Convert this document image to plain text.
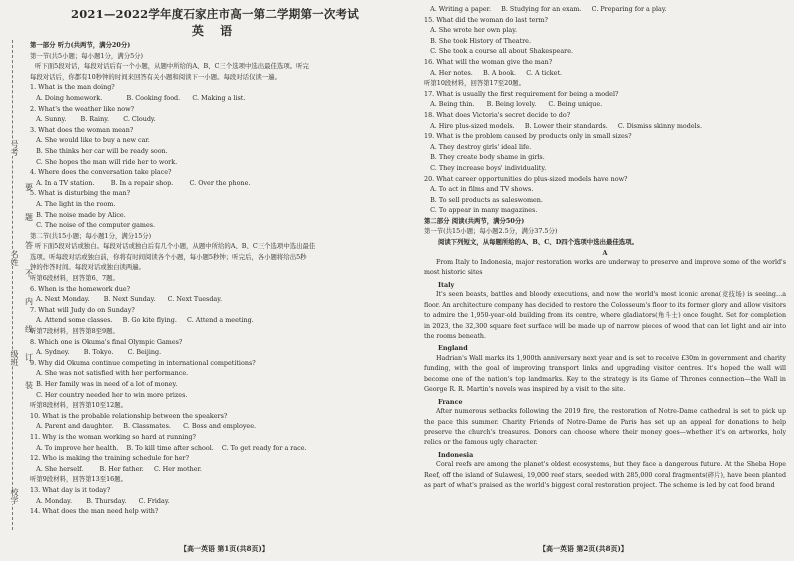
号考
名姓
级班
校学
要
题
答
不
内
线
订
装
2021—2022学年度石家庄市高一第二学期第一次考试
英 语
第一部分 听力(共两节，满分20分)
第一节(共5小题；每小题1分，满分5分)
听下面5段对话，每段对话后有一个小题，从题中所给的A、B、C三个选项中选出最佳选项。听完
每段对话后，你都有10秒钟的时间来回答有关小题和阅读下一小题。每段对话仅读一遍。
1. What is the man doing?
A. Doing homework.            B. Cooking food.      C. Making a list.
2. What's the weather like now?
A. Sunny.       B. Rainy.       C. Cloudy.
3. What does the woman mean?
A. She would like to buy a new car.
B. She thinks her car will be ready soon.
C. She hopes the man will ride her to work.
4. Where does the conversation take place?
A. In a TV station.        B. In a repair shop.        C. Over the phone.
5. What is disturbing the man?
A. The light in the room.
B. The noise made by Alice.
C. The noise of the computer games.
第二节(共15小题；每小题1分，满分15分)
听下面5段对话或独白。每段对话或独白后有几个小题，从题中所给的A、B、C三个选项中选出最佳
选项。听每段对话或独白前，你将有时间阅读各个小题，每小题5秒钟；听完后，各小题将给出5秒
钟的作答时间。每段对话或独白读两遍。
听第6段材料，回答第6、7题。
6. When is the homework due?
A. Next Monday.       B. Next Sunday.      C. Next Tuesday.
7. What will Judy do on Sunday?
A. Attend some classes.     B. Go kite flying.     C. Attend a meeting.
听第7段材料，回答第8至9题。
8. Which one is Okuma's final Olympic Games?
A. Sydney.       B. Tokyo.       C. Beijing.
9. Why did Okuma continue competing in international competitions?
A. She was not satisfied with her performance.
B. Her family was in need of a lot of money.
C. Her country needed her to win more prizes.
听第8段材料，回答第10至12题。
10. What is the probable relationship between the speakers?
A. Parent and daughter.     B. Classmates.      C. Boss and employee.
11. Why is the woman working so hard at running?
A. To improve her health.    B. To kill time after school.    C. To get ready for a race.
12. Who is making the training schedule for her?
A. She herself.        B. Her father.     C. Her mother.
听第9段材料，回答第13至16题。
13. What day is it today?
A. Monday.       B. Thursday.      C. Friday.
14. What does the man need help with?
【高一英语 第1页(共8页)】
A. Writing a paper.     B. Studying for an exam.     C. Preparing for a play.
15. What did the woman do last term?
A. She wrote her own play.
B. She took History of Theatre.
C. She took a course all about Shakespeare.
16. What will the woman give the man?
A. Her notes.     B. A book.     C. A ticket.
听第10段材料，回答第17至20题。
17. What is usually the first requirement for being a model?
A. Being thin.      B. Being lovely.      C. Being unique.
18. What does Victoria's secret decide to do?
A. Hire plus-sized models.     B. Lower their standards.     C. Dismiss skinny models.
19. What is the problem caused by products only in small sizes?
A. They destroy girls' ideal life.
B. They create body shame in girls.
C. They increase boys' individuality.
20. What career opportunities do plus-sized models have now?
A. To act in films and TV shows.
B. To sell products as saleswomen.
C. To appear in many magazines.
第二部分 阅读(共两节，满分50分)
第一节(共15小题；每小题2.5分，满分37.5分)
阅读下列短文，从每题所给的A、B、C、D四个选项中选出最佳选项。
A
From Italy to Indonesia, major restoration works are underway to preserve and improve some of the world's most historic sites
Italy
It's seen beasts, battles and bloody executions, and now the world's most iconic arena(竞技场) is seeing…a floor. An architecture company has decided to restore the Colosseum's floor to its former glory and allow visitors to admire the 1,950-year-old building from its centre, where gladiators(角斗士) once fought. Set for completion in 2023, the 32,300 square feet surface will be made up of narrow pieces of wood that can let light and air into the rooms beneath.
England
Hadrian's Wall marks its 1,900th anniversary next year and is set to receive £30m in government and charity funding, with the goal of improving transport links and upgrading visitor centres. It's hoped the wall will become one of the nation's top landmarks. Key to the strategy is its Game of Thrones connection—the Wall in George R. R. Martin's novels was inspired by a visit to the site.
France
After numerous setbacks following the 2019 fire, the restoration of Notre-Dame cathedral is set to pick up the pace this summer. Charity Friends of Notre-Dame de Paris has set up an appeal for donations to help preserve the church's treasures. Donors can choose where their money goes—whether it's on artworks, holy relics or the famous ugly character.
Indonesia
Coral reefs are among the planet's oldest ecosystems, but they face a dangerous future. At the Sheba Hope Reef, off the island of Sulawesi, 19,000 reef stars, seeded with 285,000 coral fragments(碎片), have been planted as part of what's praised as the world's biggest coral restoration project. The scheme is led by cat food brand
【高一英语 第2页(共8页)】
